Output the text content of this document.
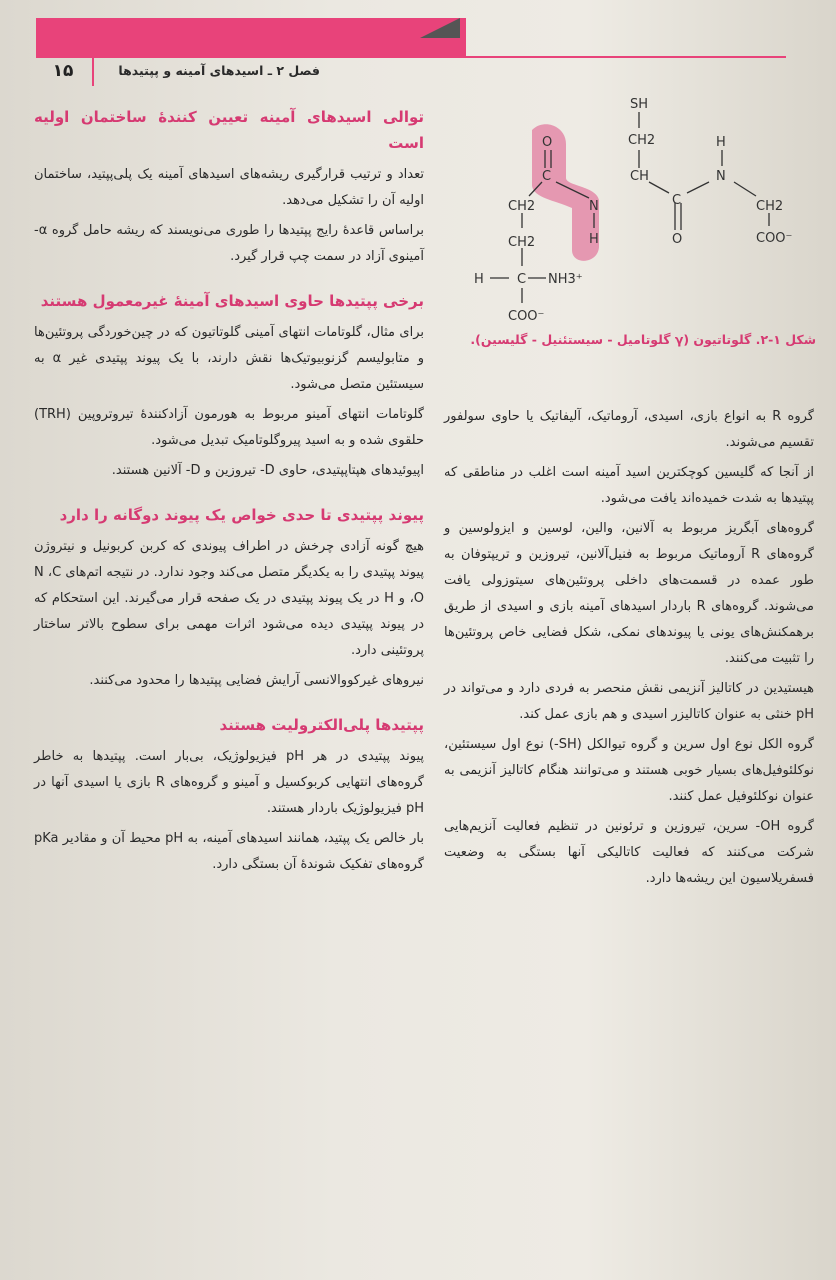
۱۵	فصل ۲ ـ اسیدهای آمینه و پپتیدها
SH
CH2
O
C
N
H
CH
C
O
H
N
CH2
COO⁻
CH2
CH2
H	C NH3⁺
COO⁻
شکل ۱-۲. گلوتاتیون (γ گلوتامیل - سیستئنیل - گلیسین).
توالی اسیدهای آمینه تعیین کنندهٔ ساختمان اولیه است

تعداد و ترتیب قرارگیری ریشه‌های اسیدهای آمینه یک پلی‌پپتید، ساختمان اولیه آن را تشکیل می‌دهد.

براساس قاعدهٔ رایج پپتیدها را طوری می‌نویسند که ریشه حامل گروه α- آمینوی آزاد در سمت چپ قرار گیرد.

برخی پپتیدها حاوی اسیدهای آمینهٔ غیرمعمول هستند

برای مثال، گلوتامات انتهای آمینی گلوتاتیون که در چین‌خوردگی پروتئین‌ها و متابولیسم گزنوبیوتیک‌ها نقش دارند، با یک پیوند پپتیدی غیر α به سیستئین متصل می‌شود.

گلوتامات انتهای آمینو مربوط به هورمون آزادکنندهٔ تیروتروپین (TRH) حلقوی شده و به اسید پیروگلوتامیک تبدیل می‌شود.

اپیوئیدهای هپتاپپتیدی، حاوی D- تیروزین و D- آلانین هستند.

پیوند پپتیدی تا حدی خواص یک پیوند دوگانه را دارد

هیچ گونه آزادی چرخش در اطراف پیوندی که کربن کربونیل و نیتروژن پیوند پپتیدی را به یکدیگر متصل می‌کند وجود ندارد. در نتیجه اتم‌های N ،C ،O و H در یک پیوند پپتیدی در یک صفحه قرار می‌گیرند. این استحکام که در پیوند پپتیدی دیده می‌شود اثرات مهمی برای سطوح بالاتر ساختار پروتئینی دارد.

نیروهای غیرکووالانسی آرایش فضایی پپتیدها را محدود می‌کنند.

پپتیدها پلی‌الکترولیت هستند

پیوند پپتیدی در هر pH فیزیولوژیک، بی‌بار است. پپتیدها به خاطر گروه‌های انتهایی کربوکسیل و آمینو و گروه‌های R بازی یا اسیدی آنها در pH فیزیولوژیک باردار هستند.

بار خالص یک پپتید، همانند اسیدهای آمینه، به pH محیط آن و مقادیر pKa گروه‌های تفکیک شوندهٔ آن بستگی دارد.

گروه R به انواع بازی، اسیدی، آروماتیک، آلیفاتیک یا حاوی سولفور تقسیم می‌شوند.

از آنجا که گلیسین کوچکترین اسید آمینه است اغلب در مناطقی که پپتیدها به شدت خمیده‌اند یافت می‌شود.

گروه‌های آبگریز مربوط به آلانین، والین، لوسین و ایزولوسین و گروه‌های R آروماتیک مربوط به فنیل‌آلانین، تیروزین و تریپتوفان به طور عمده در قسمت‌های داخلی پروتئین‌های سیتوزولی یافت می‌شوند. گروه‌های R باردار اسیدهای آمینه بازی و اسیدی از طریق برهمکنش‌های یونی یا پیوندهای نمکی، شکل فضایی خاص پروتئین‌ها را تثبیت می‌کنند.

هیستیدین در کاتالیز آنزیمی نقش منحصر به فردی دارد و می‌تواند در pH خنثی به عنوان کاتالیزر اسیدی و هم بازی عمل کند.

گروه الکل نوع اول سرین و گروه تیوالکل (SH-) نوع اول سیستئین، نوکلئوفیل‌های بسیار خوبی هستند و می‌توانند هنگام کاتالیز آنزیمی به عنوان نوکلئوفیل عمل کنند.

گروه OH- سرین، تیروزین و ترئونین در تنظیم فعالیت آنزیم‌هایی شرکت می‌کنند که فعالیت کاتالیکی آنها بستگی به وضعیت فسفریلاسیون این ریشه‌ها دارد.
